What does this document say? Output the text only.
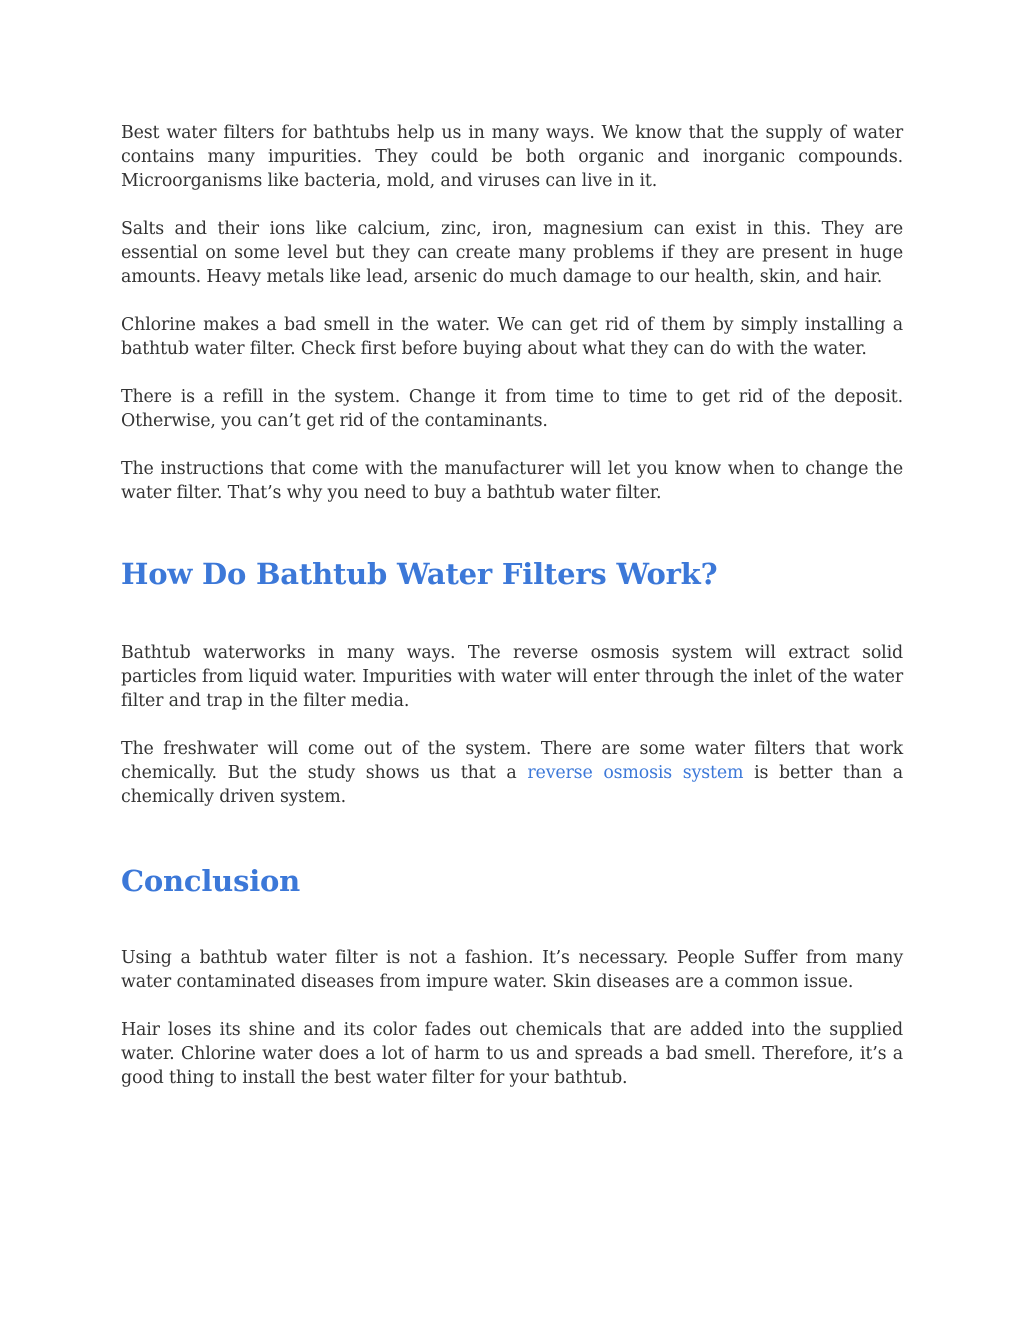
Best water filters for bathtubs help us in many ways. We know that the supply of water contains many impurities. They could be both organic and inorganic compounds. Microorganisms like bacteria, mold, and viruses can live in it.

Salts and their ions like calcium, zinc, iron, magnesium can exist in this. They are essential on some level but they can create many problems if they are present in huge amounts. Heavy metals like lead, arsenic do much damage to our health, skin, and hair.

Chlorine makes a bad smell in the water. We can get rid of them by simply installing a bathtub water filter. Check first before buying about what they can do with the water.

There is a refill in the system. Change it from time to time to get rid of the deposit. Otherwise, you can’t get rid of the contaminants.

The instructions that come with the manufacturer will let you know when to change the water filter. That’s why you need to buy a bathtub water filter.

How Do Bathtub Water Filters Work?

Bathtub waterworks in many ways. The reverse osmosis system will extract solid particles from liquid water. Impurities with water will enter through the inlet of the water filter and trap in the filter media.

The freshwater will come out of the system. There are some water filters that work chemically. But the study shows us that a reverse osmosis system is better than a chemically driven system.

Conclusion

Using a bathtub water filter is not a fashion. It’s necessary. People Suffer from many water contaminated diseases from impure water. Skin diseases are a common issue.

Hair loses its shine and its color fades out chemicals that are added into the supplied water. Chlorine water does a lot of harm to us and spreads a bad smell. Therefore, it’s a good thing to install the best water filter for your bathtub.
